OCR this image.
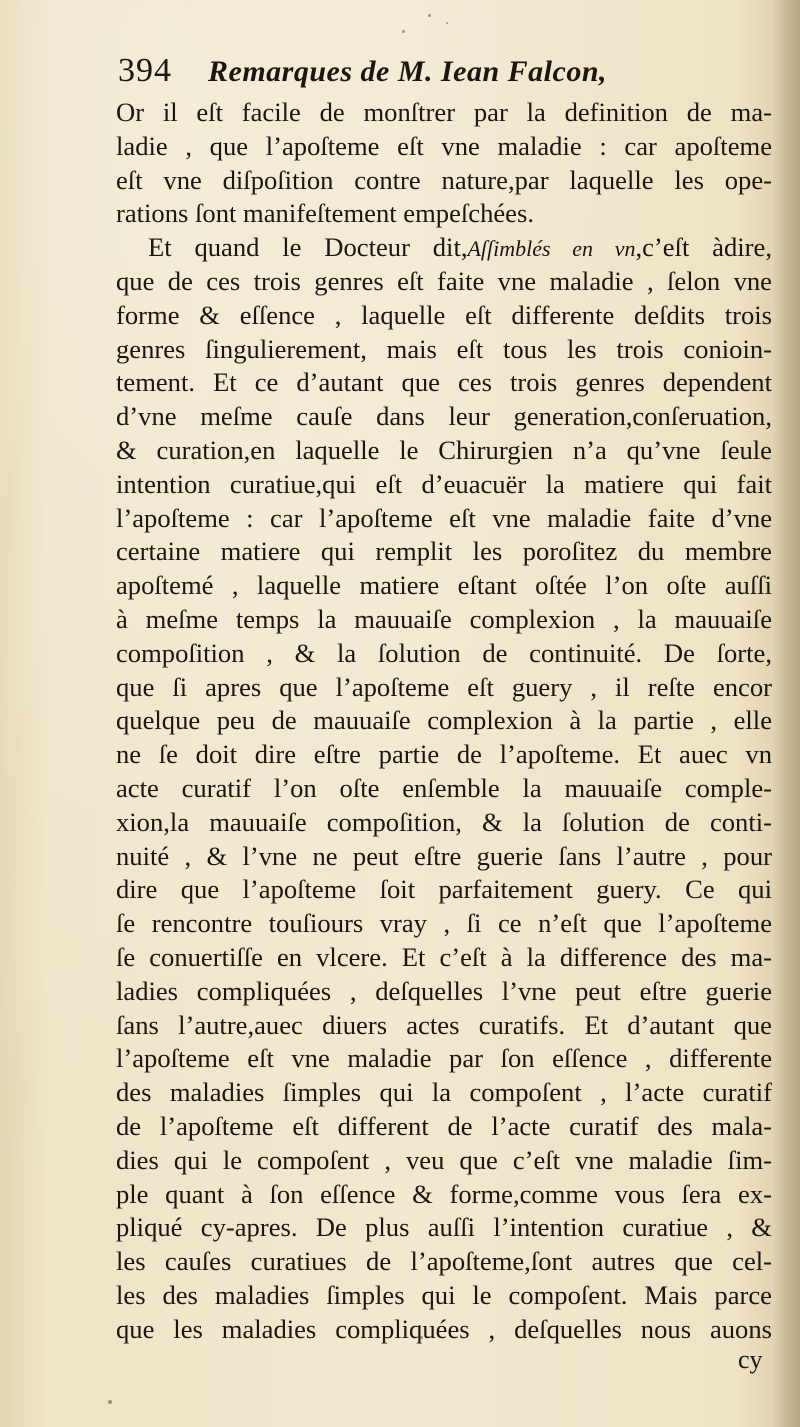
394 Remarques de M. Iean Falcon,
Or il eſt facile de monſtrer par la definition de ma-
ladie , que l’apoſteme eſt vne maladie : car apoſteme
eſt vne diſpoſition contre nature,par laquelle les ope-
rations ſont manifeſtement empeſchées.
Et quand le Docteur dit,Aſſimblés en vn,c’eſt àdire,
que de ces trois genres eſt faite vne maladie , ſelon vne
forme & eſſence , laquelle eſt differente deſdits trois
genres ſingulierement, mais eſt tous les trois conioin-
tement. Et ce d’autant que ces trois genres dependent
d’vne meſme cauſe dans leur generation,conſeruation,
& curation,en laquelle le Chirurgien n’a qu’vne ſeule
intention curatiue,qui eſt d’euacuër la matiere qui fait
l’apoſteme : car l’apoſteme eſt vne maladie faite d’vne
certaine matiere qui remplit les poroſitez du membre
apoſtemé , laquelle matiere eſtant oſtée l’on oſte auſſi
à meſme temps la mauuaiſe complexion , la mauuaiſe
compoſition , & la ſolution de continuité. De ſorte,
que ſi apres que l’apoſteme eſt guery , il reſte encor
quelque peu de mauuaiſe complexion à la partie , elle
ne ſe doit dire eſtre partie de l’apoſteme. Et auec vn
acte curatif l’on oſte enſemble la mauuaiſe comple-
xion,la mauuaiſe compoſition, & la ſolution de conti-
nuité , & l’vne ne peut eſtre guerie ſans l’autre , pour
dire que l’apoſteme ſoit parfaitement guery. Ce qui
ſe rencontre touſiours vray , ſi ce n’eſt que l’apoſteme
ſe conuertiſſe en vlcere. Et c’eſt à la difference des ma-
ladies compliquées , deſquelles l’vne peut eſtre guerie
ſans l’autre,auec diuers actes curatifs. Et d’autant que
l’apoſteme eſt vne maladie par ſon eſſence , differente
des maladies ſimples qui la compoſent , l’acte curatif
de l’apoſteme eſt different de l’acte curatif des mala-
dies qui le compoſent , veu que c’eſt vne maladie ſim-
ple quant à ſon eſſence & forme,comme vous ſera ex-
pliqué cy-apres. De plus auſſi l’intention curatiue , &
les cauſes curatiues de l’apoſteme,ſont autres que cel-
les des maladies ſimples qui le compoſent. Mais parce
que les maladies compliquées , deſquelles nous auons
cy
